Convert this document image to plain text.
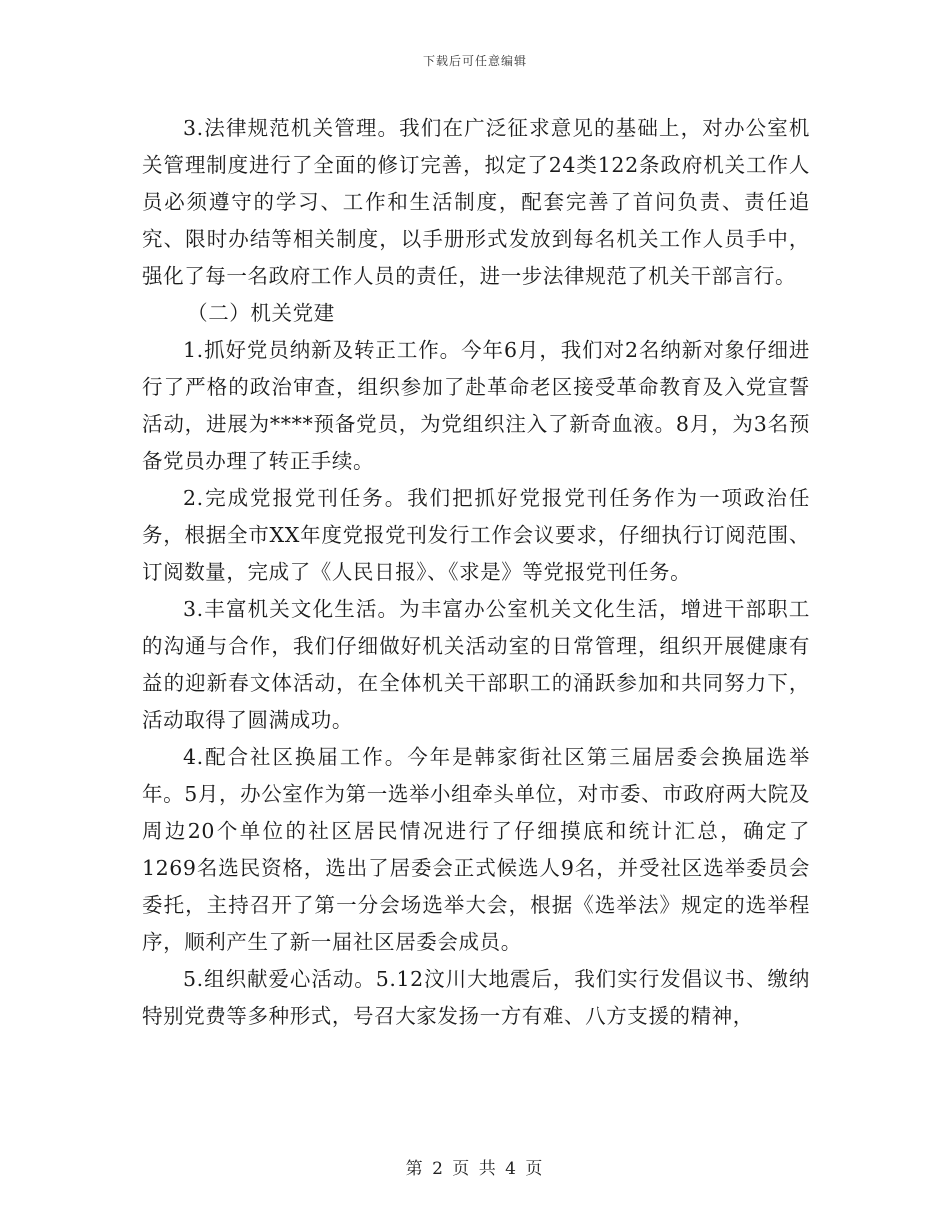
下载后可任意编辑

3.法律规范机关管理。我们在广泛征求意见的基础上，对办公室机关管理制度进行了全面的修订完善，拟定了24类122条政府机关工作人员必须遵守的学习、工作和生活制度，配套完善了首问负责、责任追究、限时办结等相关制度，以手册形式发放到每名机关工作人员手中，强化了每一名政府工作人员的责任，进一步法律规范了机关干部言行。

（二）机关党建

1.抓好党员纳新及转正工作。今年6月，我们对2名纳新对象仔细进行了严格的政治审查，组织参加了赴革命老区接受革命教育及入党宣誓活动，进展为****预备党员，为党组织注入了新奇血液。8月，为3名预备党员办理了转正手续。

2.完成党报党刊任务。我们把抓好党报党刊任务作为一项政治任务，根据全市XX年度党报党刊发行工作会议要求，仔细执行订阅范围、订阅数量，完成了《人民日报》、《求是》等党报党刊任务。

3.丰富机关文化生活。为丰富办公室机关文化生活，增进干部职工的沟通与合作，我们仔细做好机关活动室的日常管理，组织开展健康有益的迎新春文体活动，在全体机关干部职工的涌跃参加和共同努力下，活动取得了圆满成功。

4.配合社区换届工作。今年是韩家街社区第三届居委会换届选举年。5月，办公室作为第一选举小组牵头单位，对市委、市政府两大院及周边20个单位的社区居民情况进行了仔细摸底和统计汇总，确定了1269名选民资格，选出了居委会正式候选人9名，并受社区选举委员会委托，主持召开了第一分会场选举大会，根据《选举法》规定的选举程序，顺利产生了新一届社区居委会成员。

5.组织献爱心活动。5.12汶川大地震后，我们实行发倡议书、缴纳特别党费等多种形式，号召大家发扬一方有难、八方支援的精神，

第 2 页 共 4 页
